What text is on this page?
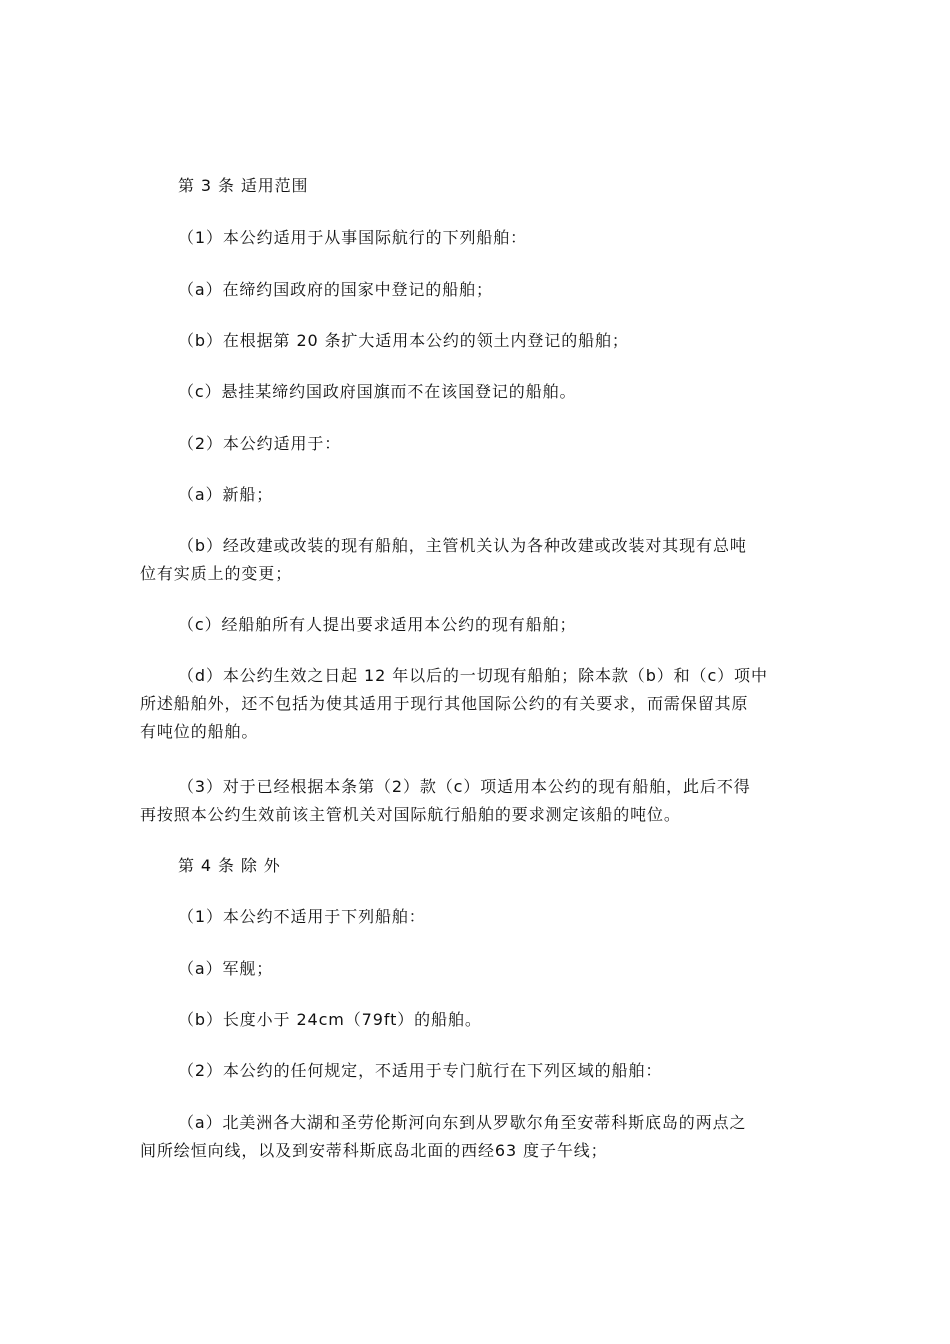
第 3 条 适用范围

（1）本公约适用于从事国际航行的下列船舶：

（a）在缔约国政府的国家中登记的船舶；

（b）在根据第 20 条扩大适用本公约的领土内登记的船舶；

（c）悬挂某缔约国政府国旗而不在该国登记的船舶。

（2）本公约适用于：

（a）新船；

（b）经改建或改装的现有船舶，主管机关认为各种改建或改装对其现有总吨

位有实质上的变更；

（c）经船舶所有人提出要求适用本公约的现有船舶；

（d）本公约生效之日起 12 年以后的一切现有船舶；除本款（b）和（c）项中

所述船舶外，还不包括为使其适用于现行其他国际公约的有关要求，而需保留其原

有吨位的船舶。

（3）对于已经根据本条第（2）款（c）项适用本公约的现有船舶，此后不得

再按照本公约生效前该主管机关对国际航行船舶的要求测定该船的吨位。

第 4 条 除 外

（1）本公约不适用于下列船舶：

（a）军舰；

（b）长度小于 24cm（79ft）的船舶。

（2）本公约的任何规定，不适用于专门航行在下列区域的船舶：

（a）北美洲各大湖和圣劳伦斯河向东到从罗歇尔角至安蒂科斯底岛的两点之

间所绘恒向线，以及到安蒂科斯底岛北面的西经63 度子午线；
